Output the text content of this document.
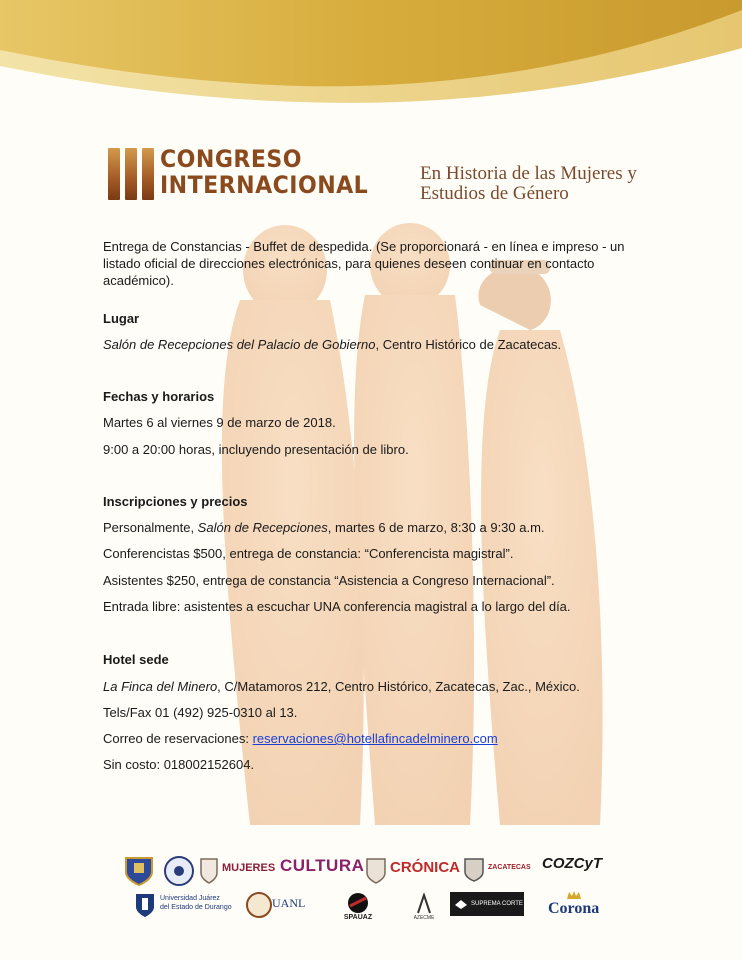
CONGRESO
INTERNACIONAL	En Historia de las Mujeres y
Estudios de Género

Entrega de Constancias - Buffet de despedida. (Se proporcionará - en línea e impreso - un listado oficial de direcciones electrónicas, para quienes deseen continuar en contacto académico).

Lugar
Salón de Recepciones del Palacio de Gobierno, Centro Histórico de Zacatecas.
Fechas y horarios
Martes 6 al viernes 9 de marzo de 2018.
9:00 a 20:00 horas, incluyendo presentación de libro.
Inscripciones y precios
Personalmente, Salón de Recepciones, martes 6 de marzo, 8:30 a 9:30 a.m.
Conferencistas $500, entrega de constancia: “Conferencista magistral”.
Asistentes $250, entrega de constancia “Asistencia a Congreso Internacional”.
Entrada libre: asistentes a escuchar UNA conferencia magistral a lo largo del día.
Hotel sede
La Finca del Minero, C/Matamoros 212, Centro Histórico, Zacatecas, Zac., México.
Tels/Fax 01 (492) 925-0310 al 13.
Correo de reservaciones: reservaciones@hotellafincadelminero.com
Sin costo: 018002152604.
MUJERES CULTURA CRÓNICA	ZACATECAS COZCyT
Universidad Juárez
del Estado de Durango	UANL
SPAUAZ	AZECME
SUPREMA CORTE Corona
